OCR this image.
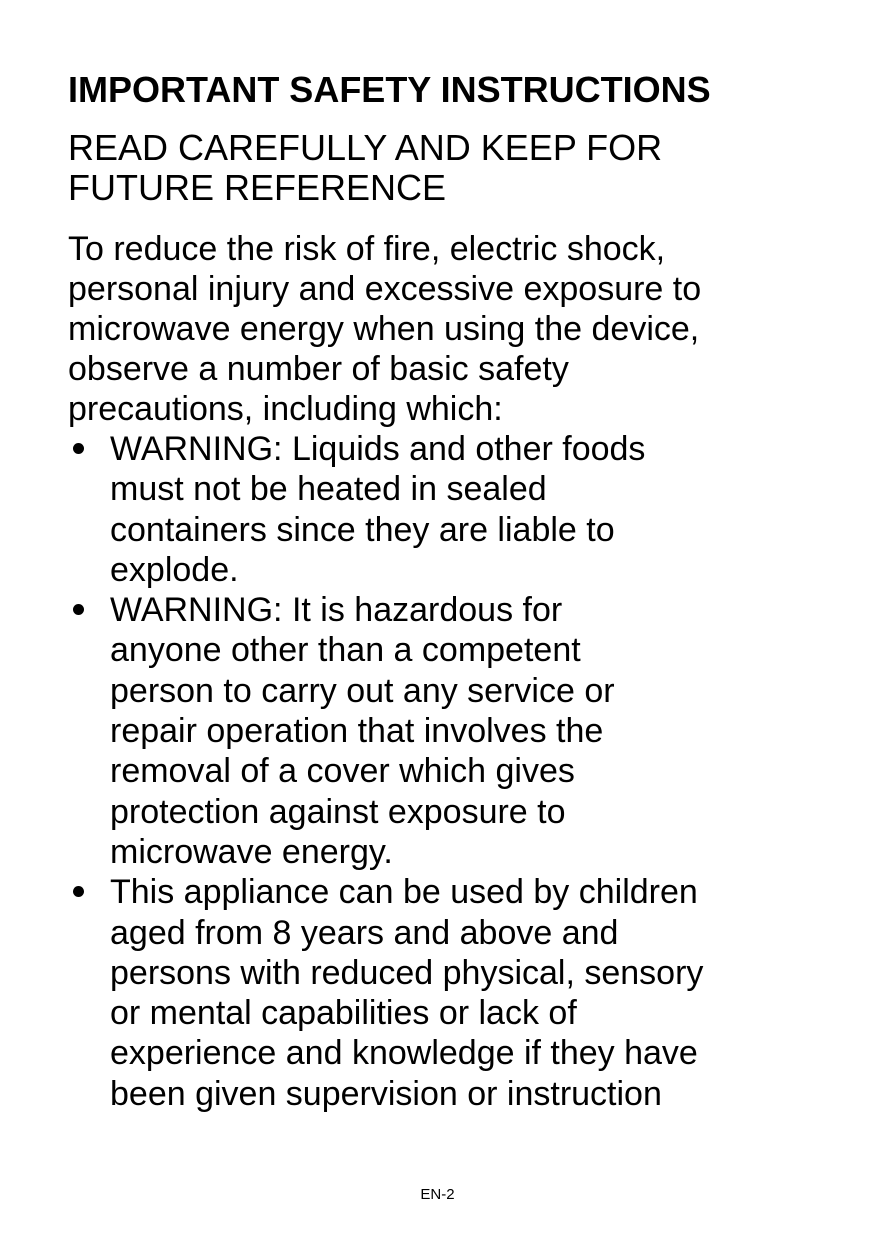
IMPORTANT SAFETY INSTRUCTIONS
READ CAREFULLY AND KEEP FOR
FUTURE REFERENCE
To reduce the risk of fire, electric shock,
personal injury and excessive exposure to
microwave energy when using the device,
observe a number of basic safety
precautions, including which:
WARNING: Liquids and other foods
must not be heated in sealed
containers since they are liable to
explode.
WARNING: It is hazardous for
anyone other than a competent
person to carry out any service or
repair operation that involves the
removal of a cover which gives
protection against exposure to
microwave energy.
This appliance can be used by children
aged from 8 years and above and
persons with reduced physical, sensory
or mental capabilities or lack of
experience and knowledge if they have
been given supervision or instruction
EN-2
